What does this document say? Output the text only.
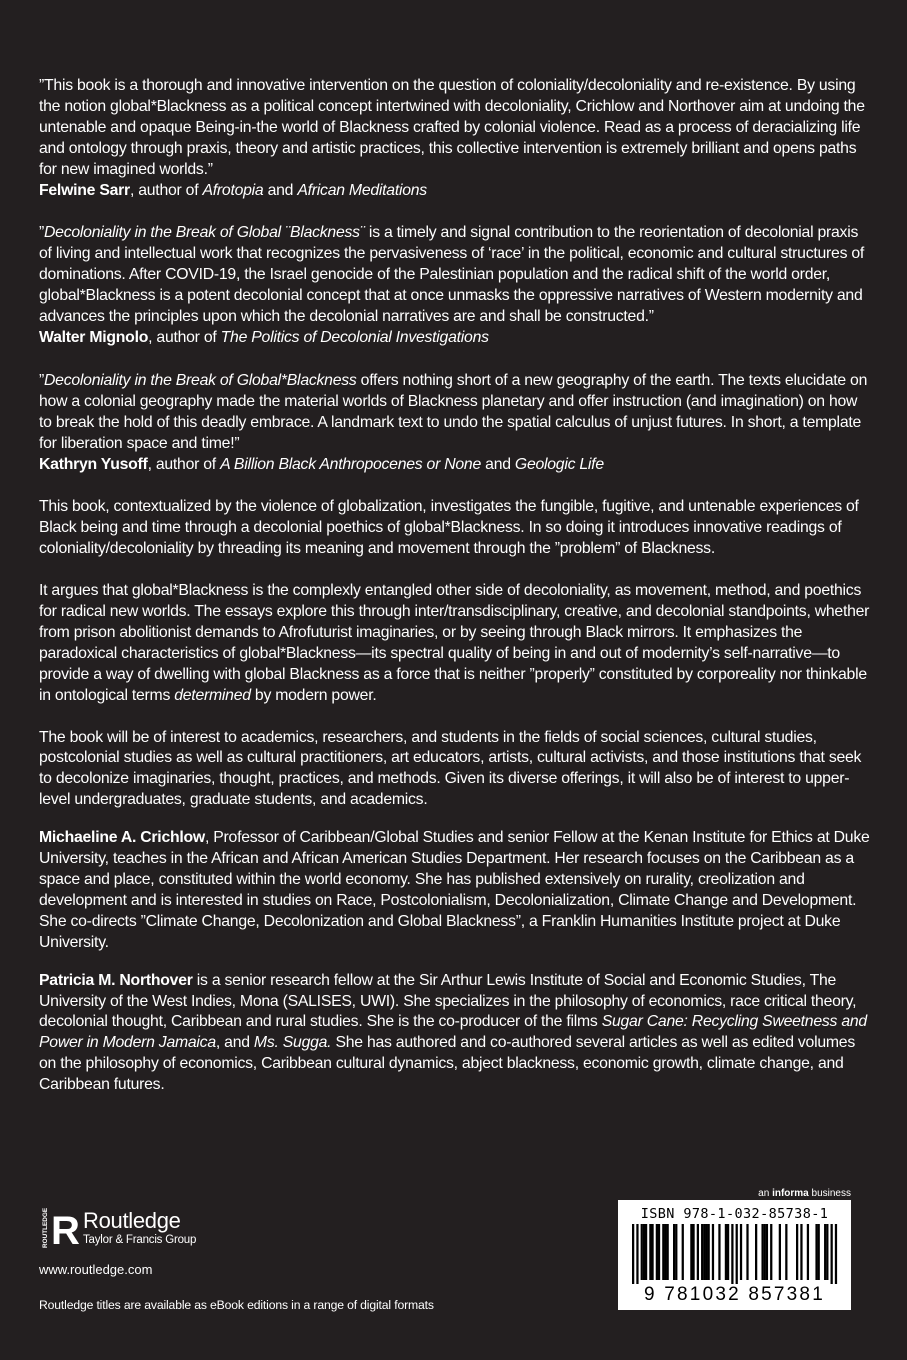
”This book is a thorough and innovative intervention on the question of coloniality/decoloniality and re-existence. By using the notion global*Blackness as a political concept intertwined with decoloniality, Crichlow and Northover aim at undoing the untenable and opaque Being-in-the world of Blackness crafted by colonial violence. Read as a process of deracializing life and ontology through praxis, theory and artistic practices, this collective intervention is extremely brilliant and opens paths for new imagined worlds.”
Felwine Sarr, author of Afrotopia and African Meditations

”Decoloniality in the Break of Global ¨Blackness¨ is a timely and signal contribution to the reorientation of decolonial praxis of living and intellectual work that recognizes the pervasiveness of ‘race’ in the political, economic and cultural structures of dominations. After COVID-19, the Israel genocide of the Palestinian population and the radical shift of the world order, global*Blackness is a potent decolonial concept that at once unmasks the oppressive narratives of Western modernity and advances the principles upon which the decolonial narratives are and shall be constructed.”
Walter Mignolo, author of The Politics of Decolonial Investigations

”Decoloniality in the Break of Global*Blackness offers nothing short of a new geography of the earth. The texts elucidate on how a colonial geography made the material worlds of Blackness planetary and offer instruction (and imagination) on how to break the hold of this deadly embrace. A landmark text to undo the spatial calculus of unjust futures. In short, a template for liberation space and time!”
Kathryn Yusoff, author of A Billion Black Anthropocenes or None and Geologic Life

This book, contextualized by the violence of globalization, investigates the fungible, fugitive, and untenable experiences of Black being and time through a decolonial poethics of global*Blackness. In so doing it introduces innovative readings of coloniality/decoloniality by threading its meaning and movement through the ”problem” of Blackness.

It argues that global*Blackness is the complexly entangled other side of decoloniality, as movement, method, and poethics for radical new worlds. The essays explore this through inter/transdisciplinary, creative, and decolonial standpoints, whether from prison abolitionist demands to Afrofuturist imaginaries, or by seeing through Black mirrors. It emphasizes the paradoxical characteristics of global*Blackness—its spectral quality of being in and out of modernity’s self-narrative—to provide a way of dwelling with global Blackness as a force that is neither ”properly” constituted by corporeality nor thinkable in ontological terms determined by modern power.

The book will be of interest to academics, researchers, and students in the fields of social sciences, cultural studies, postcolonial studies as well as cultural practitioners, art educators, artists, cultural activists, and those institutions that seek to decolonize imaginaries, thought, practices, and methods. Given its diverse offerings, it will also be of interest to upper-level undergraduates, graduate students, and academics.

Michaeline A. Crichlow, Professor of Caribbean/Global Studies and senior Fellow at the Kenan Institute for Ethics at Duke University, teaches in the African and African American Studies Department. Her research focuses on the Caribbean as a space and place, constituted within the world economy. She has published extensively on rurality, creolization and development and is interested in studies on Race, Postcolonialism, Decolonialization, Climate Change and Development. She co-directs ”Climate Change, Decolonization and Global Blackness”, a Franklin Humanities Institute project at Duke University.

Patricia M. Northover is a senior research fellow at the Sir Arthur Lewis Institute of Social and Economic Studies, The University of the West Indies, Mona (SALISES, UWI). She specializes in the philosophy of economics, race critical theory, decolonial thought, Caribbean and rural studies. She is the co-producer of the films Sugar Cane: Recycling Sweetness and Power in Modern Jamaica, and Ms. Sugga. She has authored and co-authored several articles as well as edited volumes on the philosophy of economics, Caribbean cultural dynamics, abject blackness, economic growth, climate change, and Caribbean futures.

ROUTLEDGE R Routledge
Taylor & Francis Group
www.routledge.com
Routledge titles are available as eBook editions in a range of digital formats
an informa business
ISBN 978-1-032-85738-1
9 781032 857381
